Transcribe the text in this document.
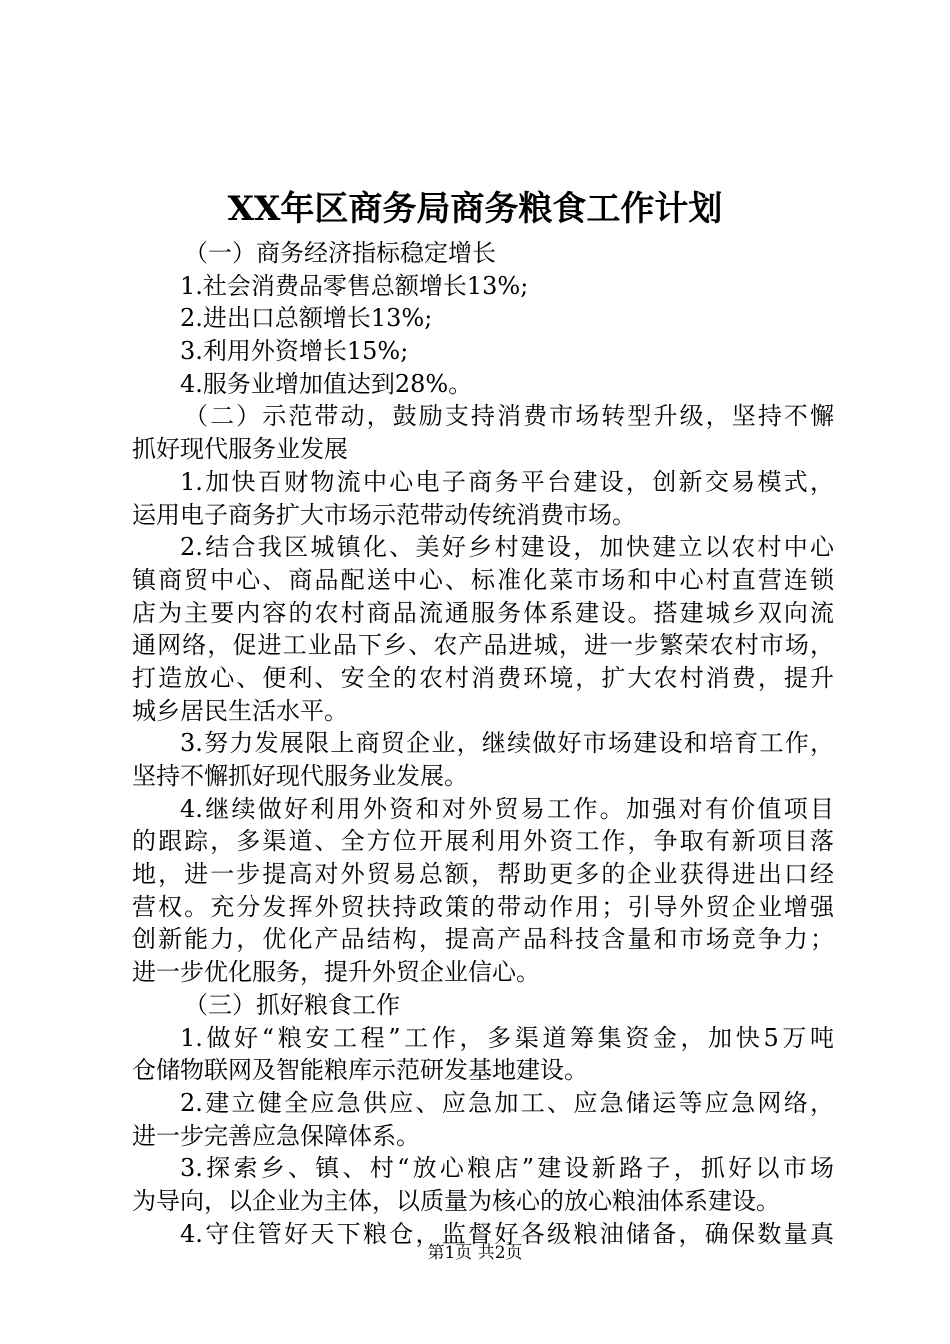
XX年区商务局商务粮食工作计划
（一）商务经济指标稳定增长
1.社会消费品零售总额增长13%;
2.进出口总额增长13%;
3.利用外资增长15%;
4.服务业增加值达到28%。
（二）示范带动，鼓励支持消费市场转型升级，坚持不懈
抓好现代服务业发展
1.加快百财物流中心电子商务平台建设，创新交易模式，
运用电子商务扩大市场示范带动传统消费市场。
2.结合我区城镇化、美好乡村建设，加快建立以农村中心
镇商贸中心、商品配送中心、标准化菜市场和中心村直营连锁
店为主要内容的农村商品流通服务体系建设。搭建城乡双向流
通网络，促进工业品下乡、农产品进城，进一步繁荣农村市场，
打造放心、便利、安全的农村消费环境，扩大农村消费，提升
城乡居民生活水平。
3.努力发展限上商贸企业，继续做好市场建设和培育工作，
坚持不懈抓好现代服务业发展。
4.继续做好利用外资和对外贸易工作。加强对有价值项目
的跟踪，多渠道、全方位开展利用外资工作，争取有新项目落
地，进一步提高对外贸易总额，帮助更多的企业获得进出口经
营权。充分发挥外贸扶持政策的带动作用；引导外贸企业增强
创新能力，优化产品结构，提高产品科技含量和市场竞争力；
进一步优化服务，提升外贸企业信心。
（三）抓好粮食工作
1.做好“粮安工程”工作，多渠道筹集资金，加快5万吨
仓储物联网及智能粮库示范研发基地建设。
2.建立健全应急供应、应急加工、应急储运等应急网络，
进一步完善应急保障体系。
3.探索乡、镇、村“放心粮店”建设新路子，抓好以市场
为导向，以企业为主体，以质量为核心的放心粮油体系建设。
4.守住管好天下粮仓，监督好各级粮油储备，确保数量真
第1页 共2页
